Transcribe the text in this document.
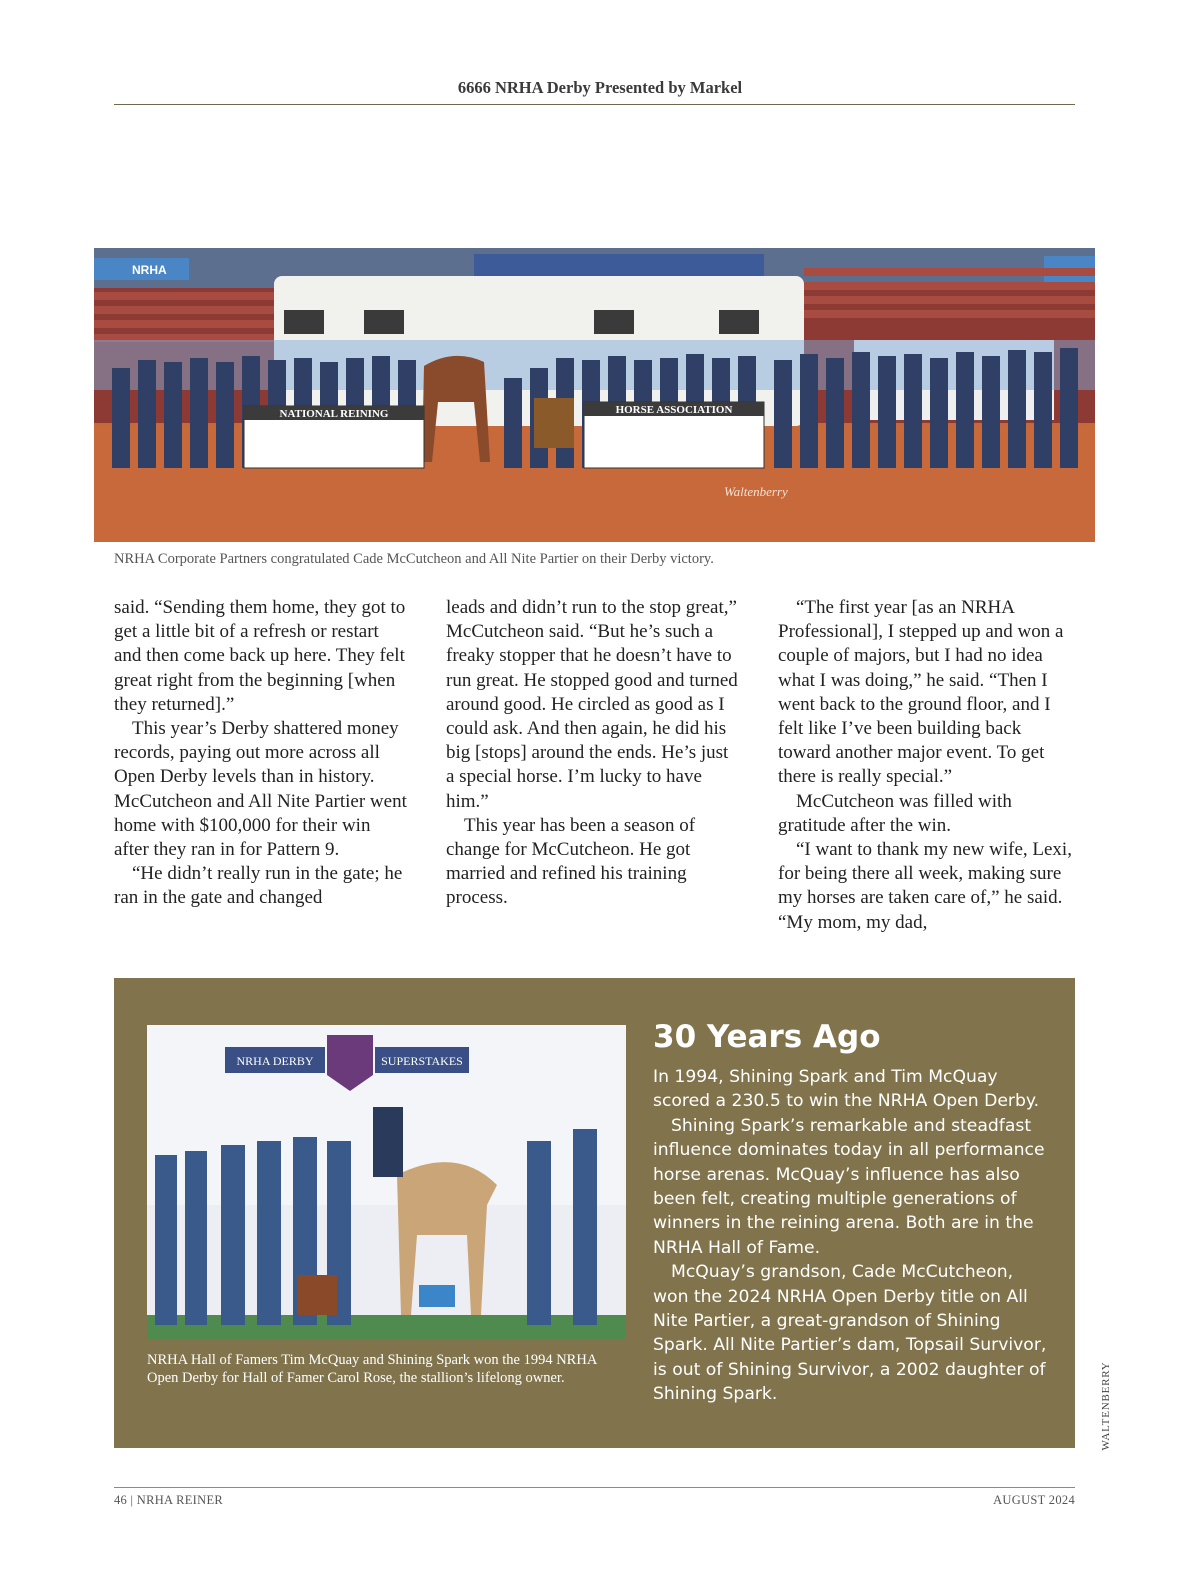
6666 NRHA Derby Presented by Markel
NATIONAL REINING	HORSE ASSOCIATION
Waltenberry
NRHA
NRHA Corporate Partners congratulated Cade McCutcheon and All Nite Partier on their Derby victory.

said. “Sending them home, they got to get a little bit of a refresh or restart and then come back up here. They felt great right from the beginning [when they returned].”

This year’s Derby shattered money records, paying out more across all Open Derby levels than in history. McCutcheon and All Nite Partier went home with $100,000 for their win after they ran in for Pattern 9.

“He didn’t really run in the gate; he ran in the gate and changed

leads and didn’t run to the stop great,” McCutcheon said. “But he’s such a freaky stopper that he doesn’t have to run great. He stopped good and turned around good. He circled as good as I could ask. And then again, he did his big [stops] around the ends. He’s just a special horse. I’m lucky to have him.”

This year has been a season of change for McCutcheon. He got married and refined his training process.

“The first year [as an NRHA Professional], I stepped up and won a couple of majors, but I had no idea what I was doing,” he said. “Then I went back to the ground floor, and I felt like I’ve been building back toward another major event. To get there is really special.”

McCutcheon was filled with gratitude after the win.

“I want to thank my new wife, Lexi, for being there all week, making sure my horses are taken care of,” he said. “My mom, my dad,

NRHA DERBY	SUPERSTAKES
NRHA Hall of Famers Tim McQuay and Shining Spark won the 1994 NRHA Open Derby for Hall of Famer Carol Rose, the stallion’s lifelong owner.
30 Years Ago

In 1994, Shining Spark and Tim McQuay scored a 230.5 to win the NRHA Open Derby.

Shining Spark’s remarkable and steadfast influence dominates today in all performance horse arenas. McQuay’s influence has also been felt, creating multiple generations of winners in the reining arena. Both are in the NRHA Hall of Fame.

McQuay’s grandson, Cade McCutcheon, won the 2024 NRHA Open Derby title on All Nite Partier, a great-grandson of Shining Spark. All Nite Partier’s dam, Topsail Survivor, is out of Shining Survivor, a 2002 daughter of Shining Spark.	WALTENBERRY
46 | NRHA REINER	AUGUST 2024
